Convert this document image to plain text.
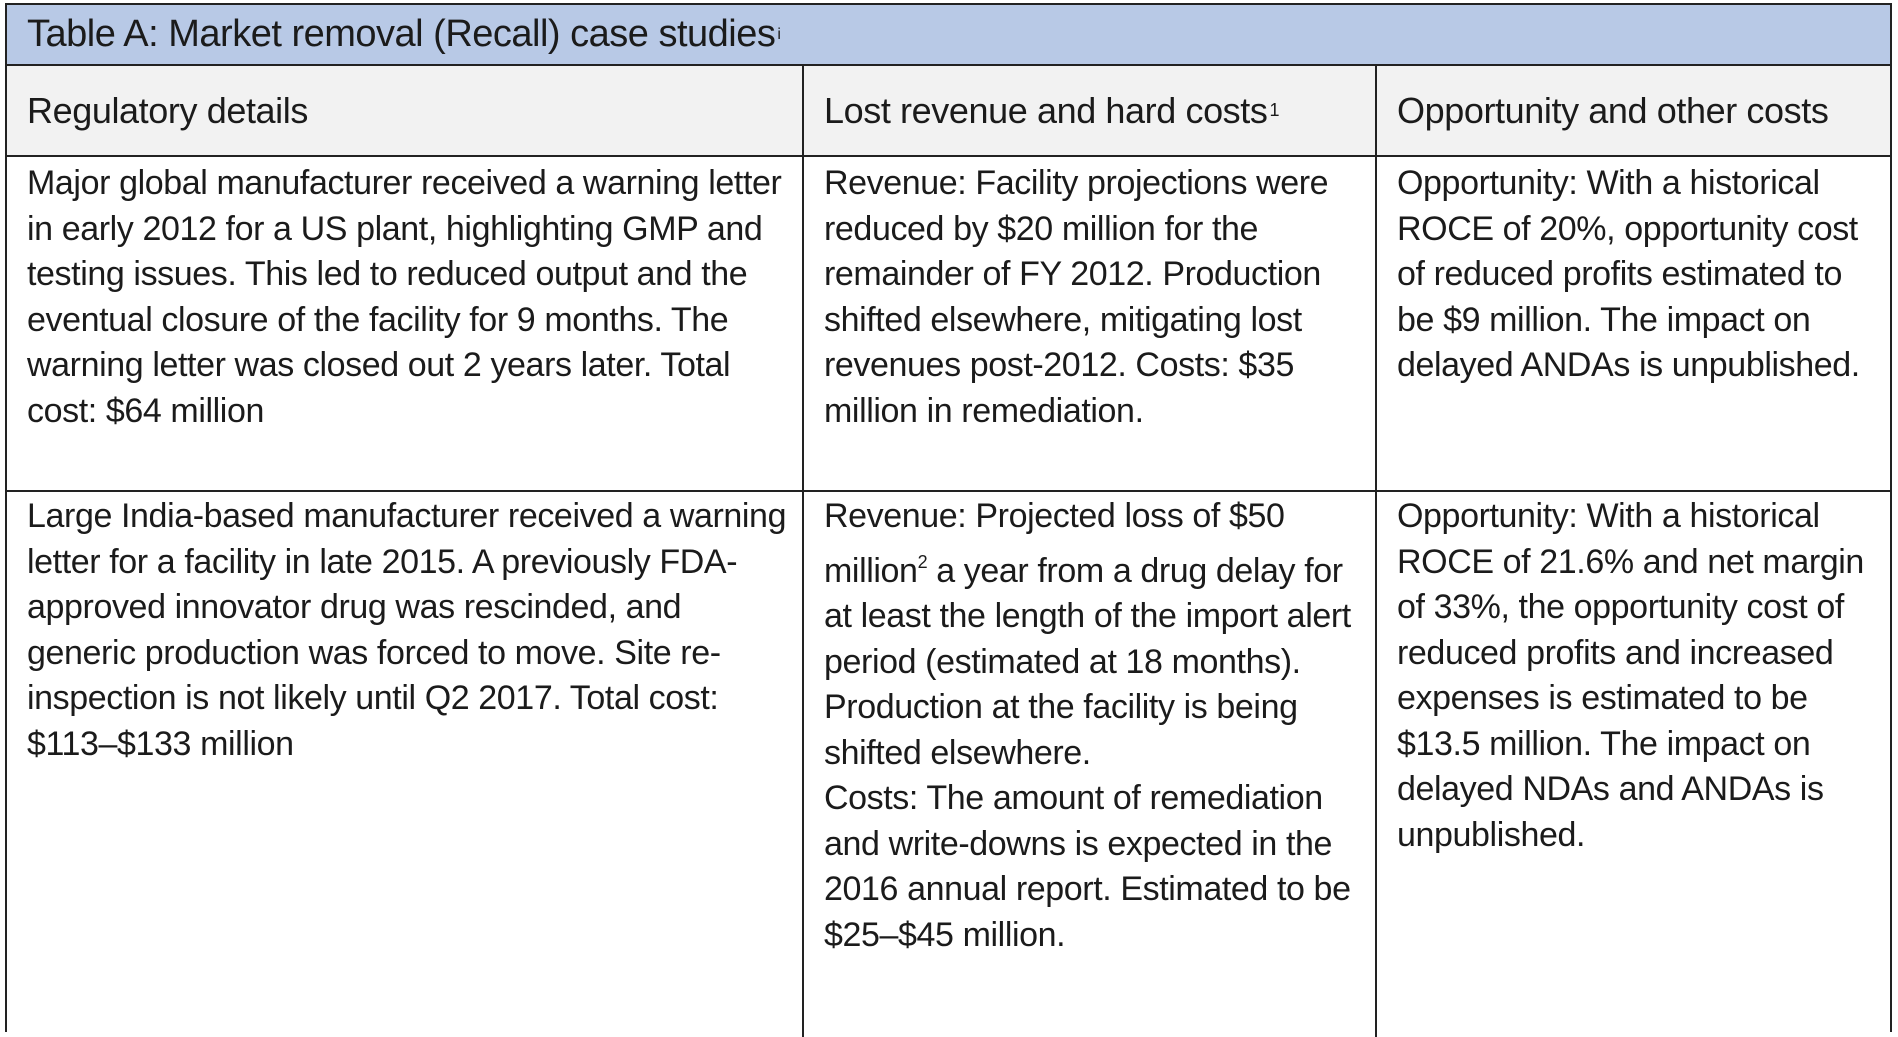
Table A: Market removal (Recall) case studies i
Regulatory details	Lost revenue and hard costs 1	Opportunity and other costs

Major global manufacturer received a warning letter in early 2012 for a US plant, highlighting GMP and testing issues. This led to reduced output and the eventual closure of the facility for 9 months. The warning letter was closed out 2 years later. Total cost: $64 million

Revenue: Facility projections were reduced by $20 million for the remainder of FY 2012. Production shifted elsewhere, mitigating lost revenues post-2012. Costs: $35 million in remediation.

Opportunity: With a historical ROCE of 20%, opportunity cost of reduced profits estimated to be $9 million. The impact on delayed ANDAs is unpublished.

Large India-based manufacturer received a warning letter for a facility in late 2015. A previously FDA-approved innovator drug was rescinded, and generic production was forced to move. Site re-inspection is not likely until Q2 2017. Total cost: $113–$133 million

Revenue: Projected loss of $50 million$^2$ a year from a drug delay for at least the length of the import alert period (estimated at 18 months). Production at the facility is being shifted elsewhere.

Costs: The amount of remediation and write-downs is expected in the 2016 annual report. Estimated to be $25–$45 million.

Opportunity: With a historical ROCE of 21.6% and net margin of 33%, the opportunity cost of reduced profits and increased expenses is estimated to be $13.5 million. The impact on delayed NDAs and ANDAs is unpublished.
